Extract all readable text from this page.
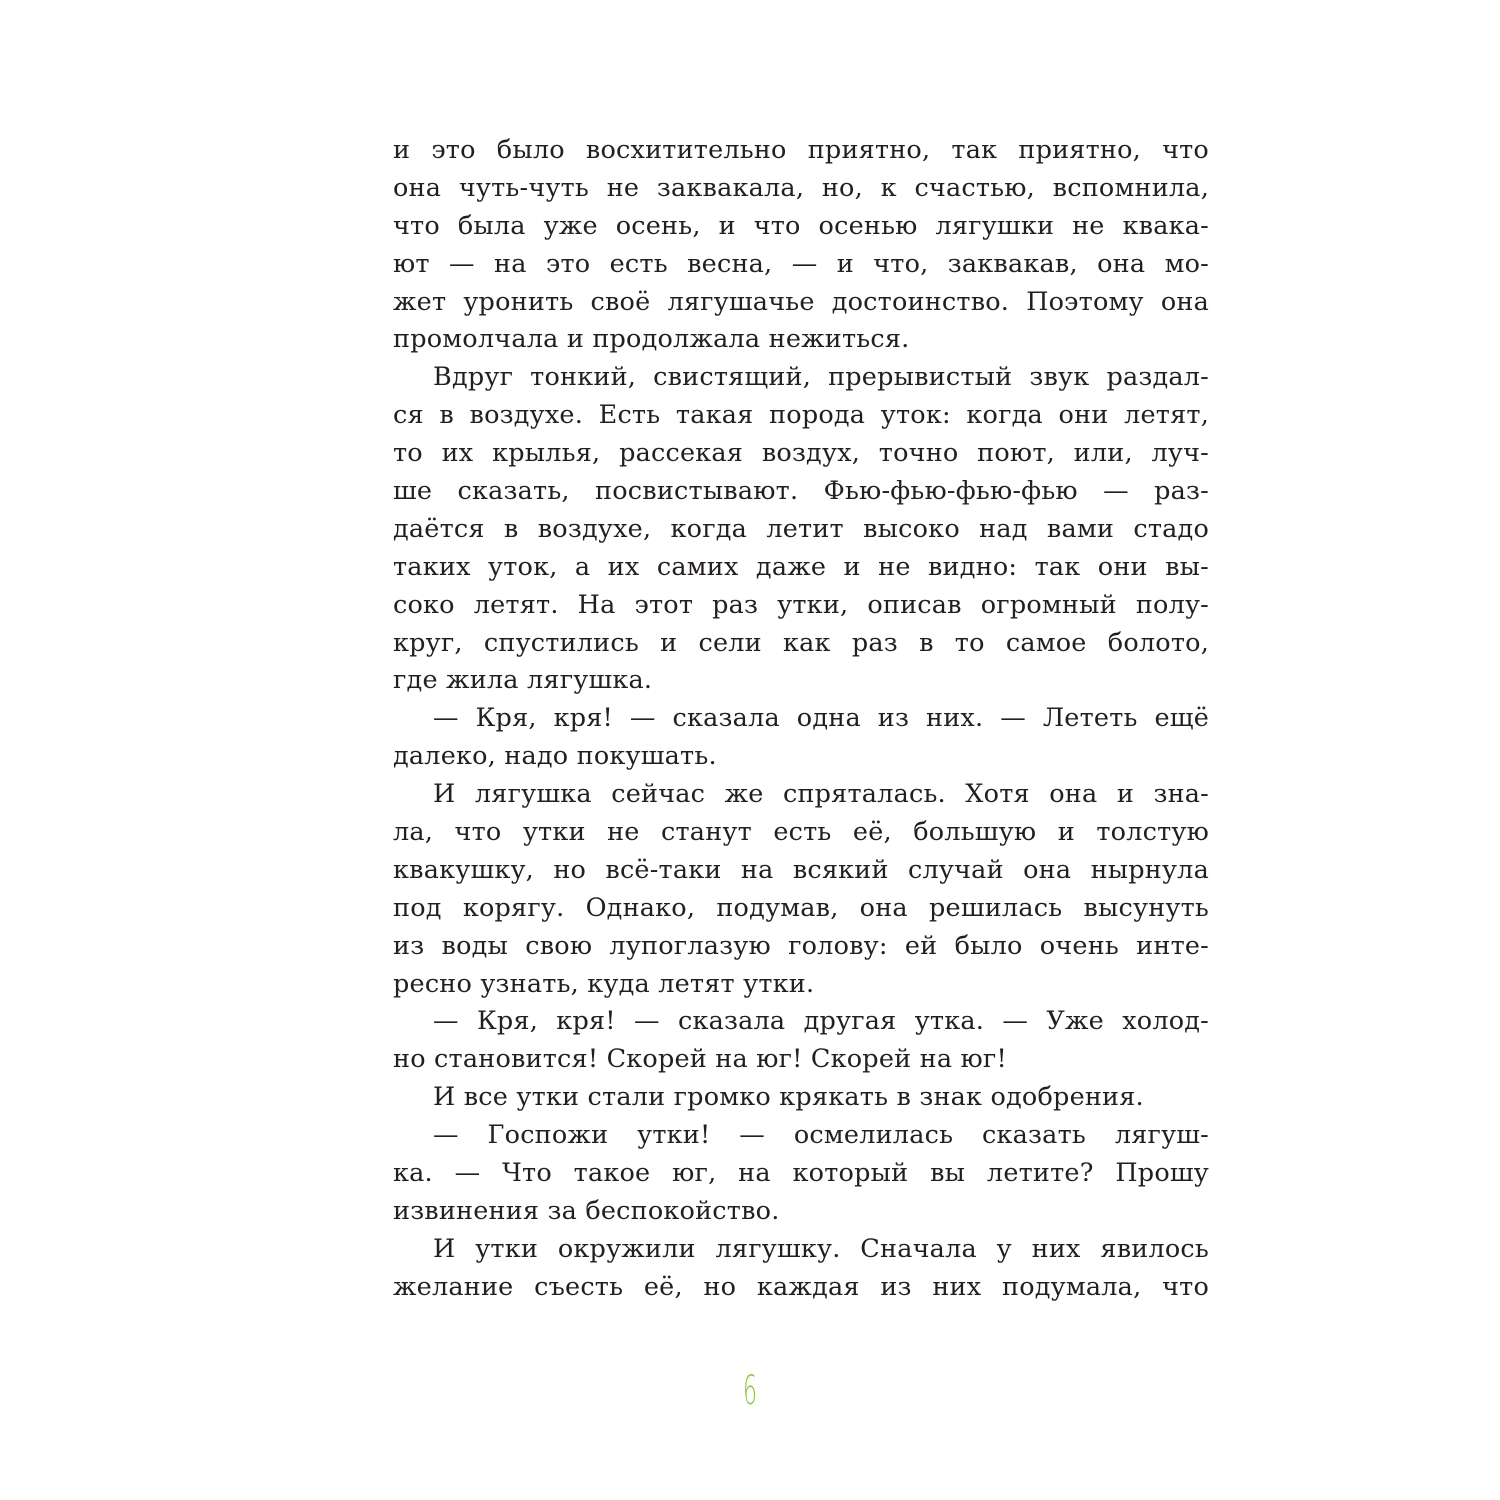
и это было восхитительно приятно, так приятно, что
она чуть-чуть не заквакала, но, к счастью, вспомнила,
что была уже осень, и что осенью лягушки не квака-
ют — на это есть весна, — и что, заквакав, она мо-
жет уронить своё лягушачье достоинство. Поэтому она
промолчала и продолжала нежиться.
Вдруг тонкий, свистящий, прерывистый звук раздал-
ся в воздухе. Есть такая порода уток: когда они летят,
то их крылья, рассекая воздух, точно поют, или, луч-
ше сказать, посвистывают. Фью-фью-фью-фью — раз-
даётся в воздухе, когда летит высоко над вами стадо
таких уток, а их самих даже и не видно: так они вы-
соко летят. На этот раз утки, описав огромный полу-
круг, спустились и сели как раз в то самое болото,
где жила лягушка.
— Кря, кря! — сказала одна из них. — Лететь ещё
далеко, надо покушать.
И лягушка сейчас же спряталась. Хотя она и зна-
ла, что утки не станут есть её, большую и толстую
квакушку, но всё-таки на всякий случай она нырнула
под корягу. Однако, подумав, она решилась высунуть
из воды свою лупоглазую голову: ей было очень инте-
ресно узнать, куда летят утки.
— Кря, кря! — сказала другая утка. — Уже холод-
но становится! Скорей на юг! Скорей на юг!
И все утки стали громко крякать в знак одобрения.
— Госпожи утки! — осмелилась сказать лягуш-
ка. — Что такое юг, на который вы летите? Прошу
извинения за беспокойство.
И утки окружили лягушку. Сначала у них явилось
желание съесть её, но каждая из них подумала, что
6
